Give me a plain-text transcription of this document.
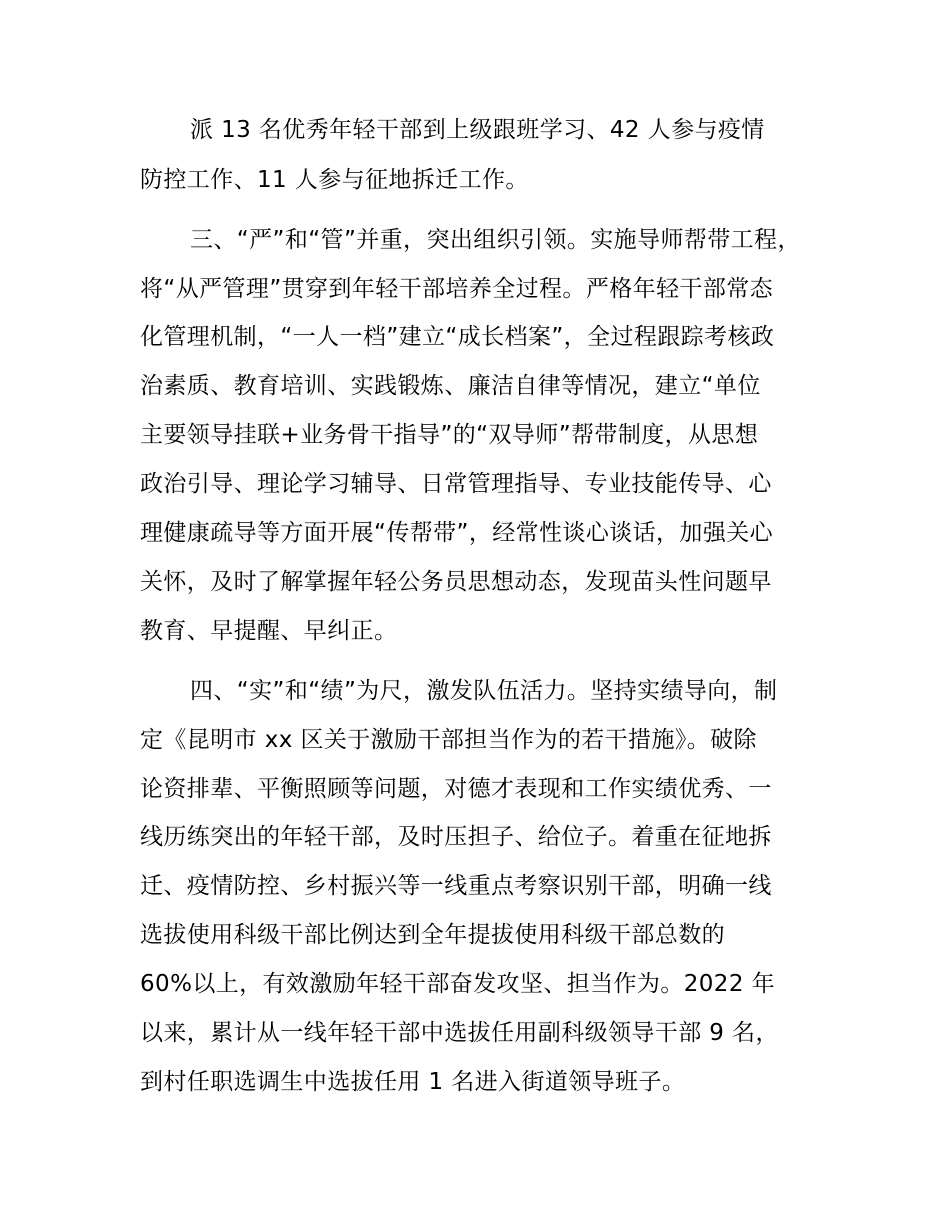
派 13 名优秀年轻干部到上级跟班学习、42 人参与疫情
防控工作、11 人参与征地拆迁工作。
三、“严”和“管”并重，突出组织引领。实施导师帮带工程，
将“从严管理”贯穿到年轻干部培养全过程。严格年轻干部常态
化管理机制，“一人一档”建立“成长档案”，全过程跟踪考核政
治素质、教育培训、实践锻炼、廉洁自律等情况，建立“单位
主要领导挂联+业务骨干指导”的“双导师”帮带制度，从思想
政治引导、理论学习辅导、日常管理指导、专业技能传导、心
理健康疏导等方面开展“传帮带”，经常性谈心谈话，加强关心
关怀，及时了解掌握年轻公务员思想动态，发现苗头性问题早
教育、早提醒、早纠正。
四、“实”和“绩”为尺，激发队伍活力。坚持实绩导向，制
定《昆明市 xx 区关于激励干部担当作为的若干措施》。破除
论资排辈、平衡照顾等问题，对德才表现和工作实绩优秀、一
线历练突出的年轻干部，及时压担子、给位子。着重在征地拆
迁、疫情防控、乡村振兴等一线重点考察识别干部，明确一线
选拔使用科级干部比例达到全年提拔使用科级干部总数的
60%以上，有效激励年轻干部奋发攻坚、担当作为。2022 年
以来，累计从一线年轻干部中选拔任用副科级领导干部 9 名，
到村任职选调生中选拔任用 1 名进入街道领导班子。
